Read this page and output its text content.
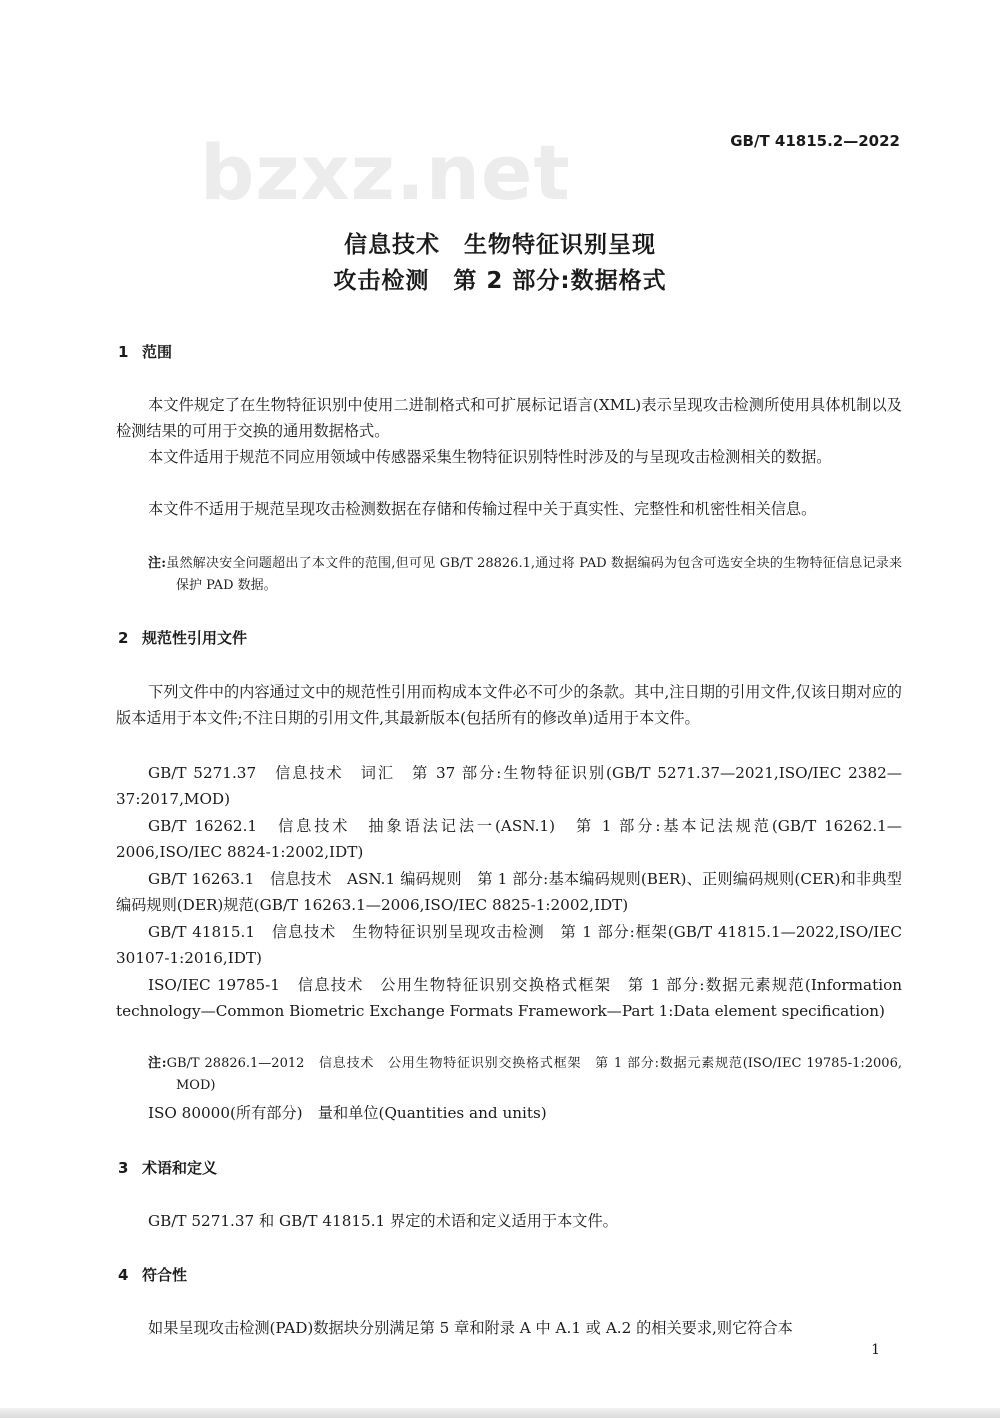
bzxz.net	GB/T 41815.2—2022
信息技术　生物特征识别呈现
攻击检测　第 2 部分:数据格式
1 范围
本文件规定了在生物特征识别中使用二进制格式和可扩展标记语言(XML)表示呈现攻击检测所使用具体机制以及检测结果的可用于交换的通用数据格式。
本文件适用于规范不同应用领域中传感器采集生物特征识别特性时涉及的与呈现攻击检测相关的数据。
本文件不适用于规范呈现攻击检测数据在存储和传输过程中关于真实性、完整性和机密性相关信息。
注:虽然解决安全问题超出了本文件的范围,但可见 GB/T 28826.1,通过将 PAD 数据编码为包含可选安全块的生物特征信息记录来保护 PAD 数据。
2 规范性引用文件
下列文件中的内容通过文中的规范性引用而构成本文件必不可少的条款。其中,注日期的引用文件,仅该日期对应的版本适用于本文件;不注日期的引用文件,其最新版本(包括所有的修改单)适用于本文件。
GB/T 5271.37　信息技术　词汇　第 37 部分:生物特征识别(GB/T 5271.37—2021,ISO/IEC 2382—37:2017,MOD)
GB/T 16262.1　信息技术　抽象语法记法一(ASN.1)　第 1 部分:基本记法规范(GB/T 16262.1—2006,ISO/IEC 8824-1:2002,IDT)
GB/T 16263.1　信息技术　ASN.1 编码规则　第 1 部分:基本编码规则(BER)、正则编码规则(CER)和非典型编码规则(DER)规范(GB/T 16263.1—2006,ISO/IEC 8825-1:2002,IDT)
GB/T 41815.1　信息技术　生物特征识别呈现攻击检测　第 1 部分:框架(GB/T 41815.1—2022,ISO/IEC 30107-1:2016,IDT)
ISO/IEC 19785-1　信息技术　公用生物特征识别交换格式框架　第 1 部分:数据元素规范(Information technology—Common Biometric Exchange Formats Framework—Part 1:Data element specification)
注:GB/T 28826.1—2012　信息技术　公用生物特征识别交换格式框架　第 1 部分:数据元素规范(ISO/IEC 19785-1:2006, MOD)
ISO 80000(所有部分)　量和单位(Quantities and units)
3 术语和定义
GB/T 5271.37 和 GB/T 41815.1 界定的术语和定义适用于本文件。
4 符合性
如果呈现攻击检测(PAD)数据块分别满足第 5 章和附录 A 中 A.1 或 A.2 的相关要求,则它符合本
1
